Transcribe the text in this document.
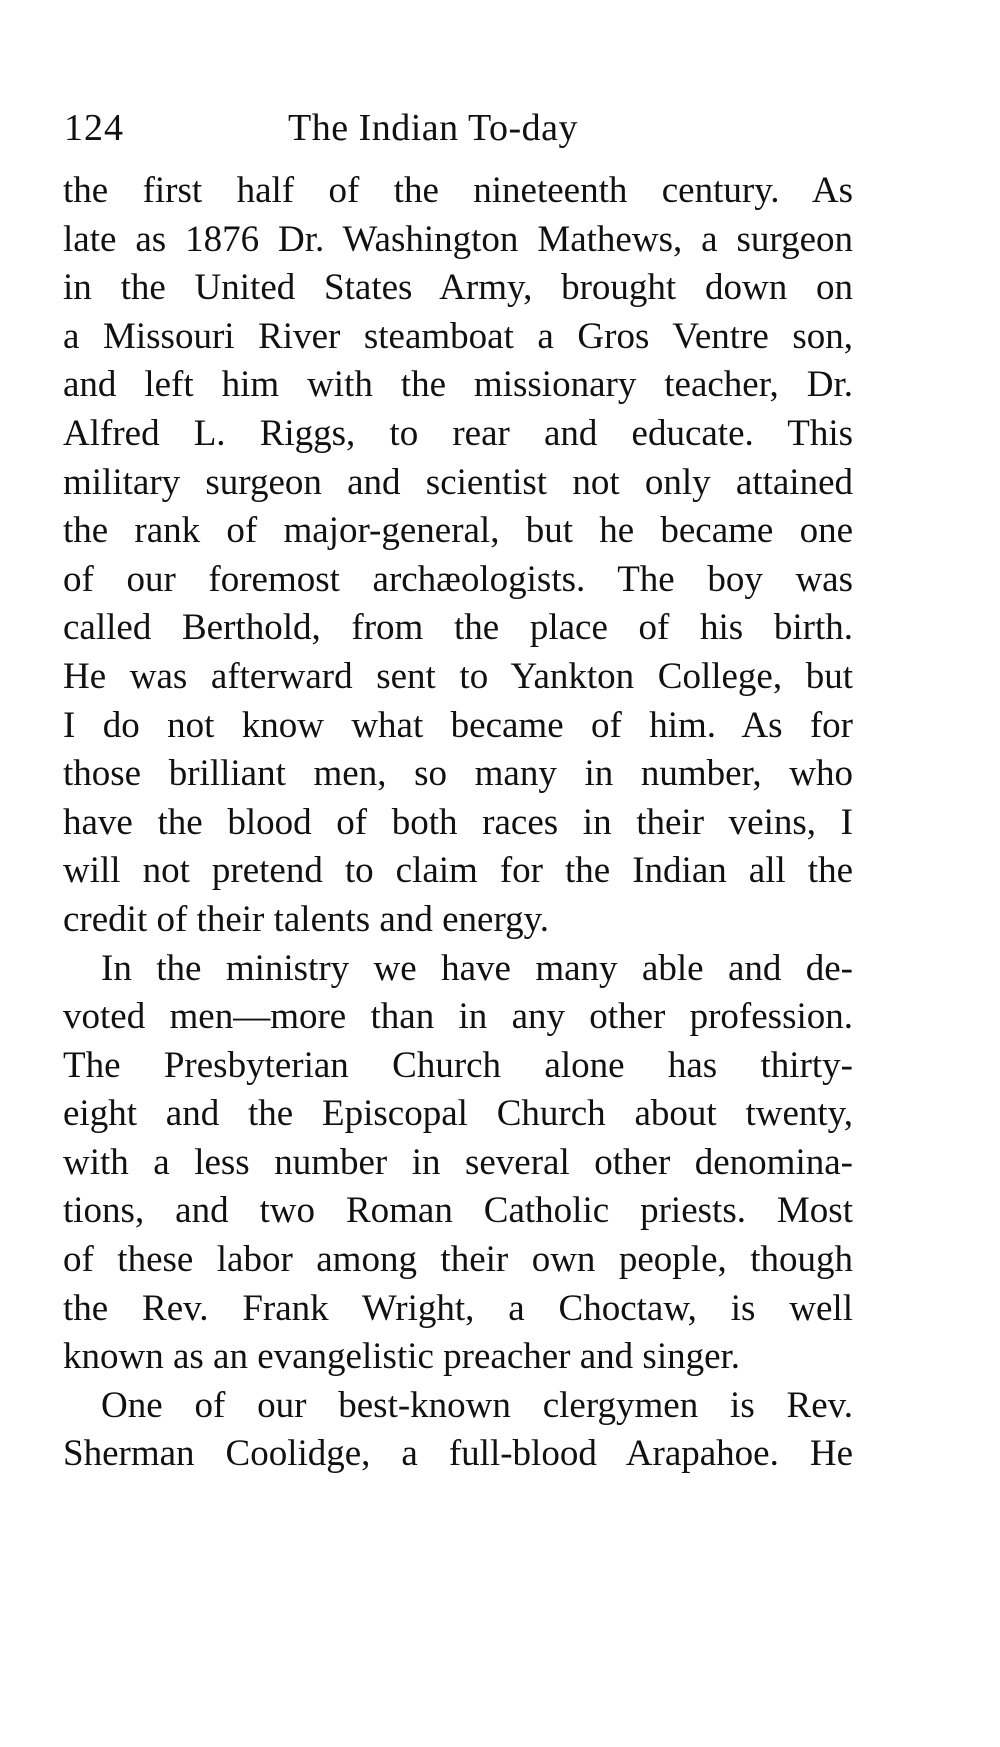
124	The Indian To-day
the first half of the nineteenth century. As
late as 1876 Dr. Washington Mathews, a surgeon
in the United States Army, brought down on
a Missouri River steamboat a Gros Ventre son,
and left him with the missionary teacher, Dr.
Alfred L. Riggs, to rear and educate. This
military surgeon and scientist not only attained
the rank of major-general, but he became one
of our foremost archæologists. The boy was
called Berthold, from the place of his birth.
He was afterward sent to Yankton College, but
I do not know what became of him. As for
those brilliant men, so many in number, who
have the blood of both races in their veins, I
will not pretend to claim for the Indian all the
credit of their talents and energy.
In the ministry we have many able and de-
voted men—more than in any other profession.
The Presbyterian Church alone has thirty-
eight and the Episcopal Church about twenty,
with a less number in several other denomina-
tions, and two Roman Catholic priests. Most
of these labor among their own people, though
the Rev. Frank Wright, a Choctaw, is well
known as an evangelistic preacher and singer.
One of our best-known clergymen is Rev.
Sherman Coolidge, a full-blood Arapahoe. He
